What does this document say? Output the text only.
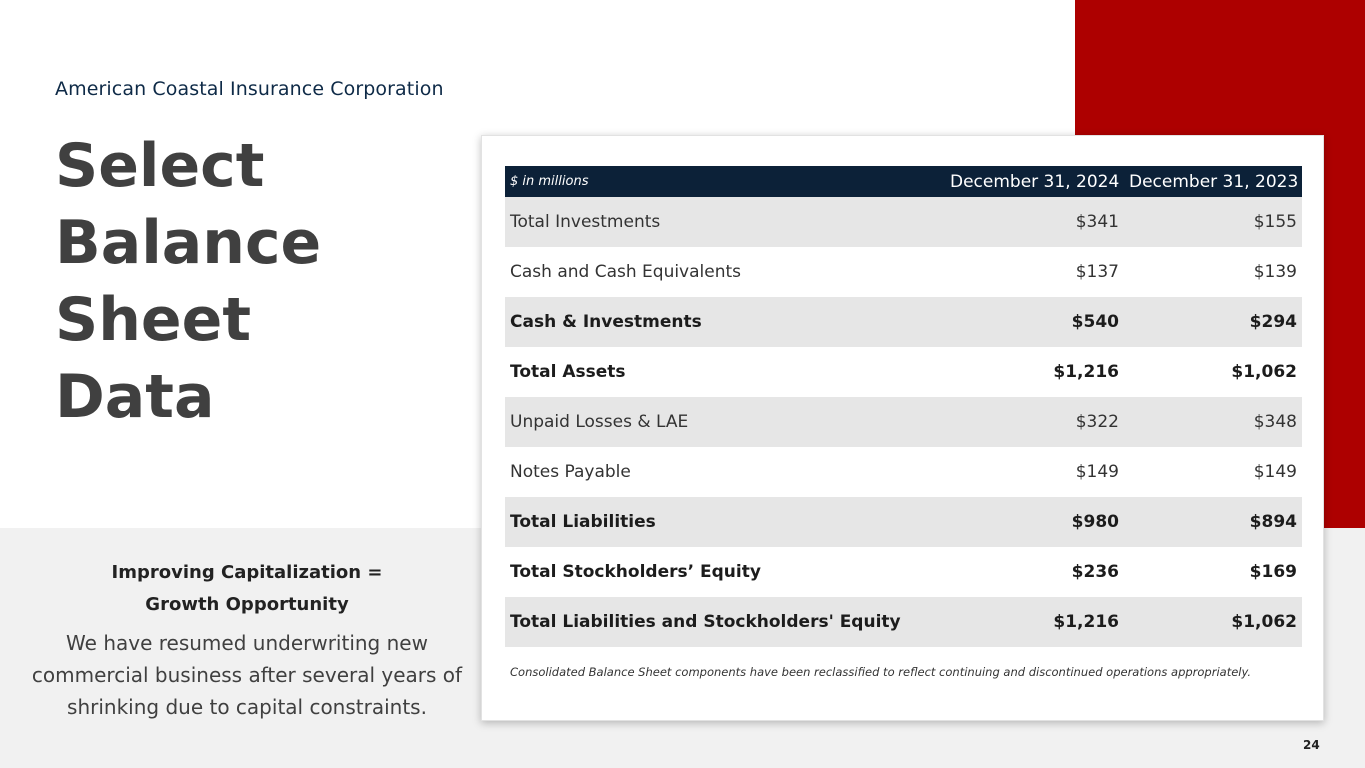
American Coastal Insurance Corporation
Select
Balance
Sheet
Data
Improving Capitalization =
Growth Opportunity
We have resumed underwriting new commercial business after several years of shrinking due to capital constraints.
$ in millions	December 31, 2024	December 31, 2023
Total Investments	$341	$155
Cash and Cash Equivalents	$137	$139
Cash & Investments	$540	$294
Total Assets	$1,216	$1,062
Unpaid Losses & LAE	$322	$348
Notes Payable	$149	$149
Total Liabilities	$980	$894
Total Stockholders’ Equity	$236	$169
Total Liabilities and Stockholders' Equity	$1,216	$1,062
Consolidated Balance Sheet components have been reclassified to reflect continuing and discontinued operations appropriately.		
24
